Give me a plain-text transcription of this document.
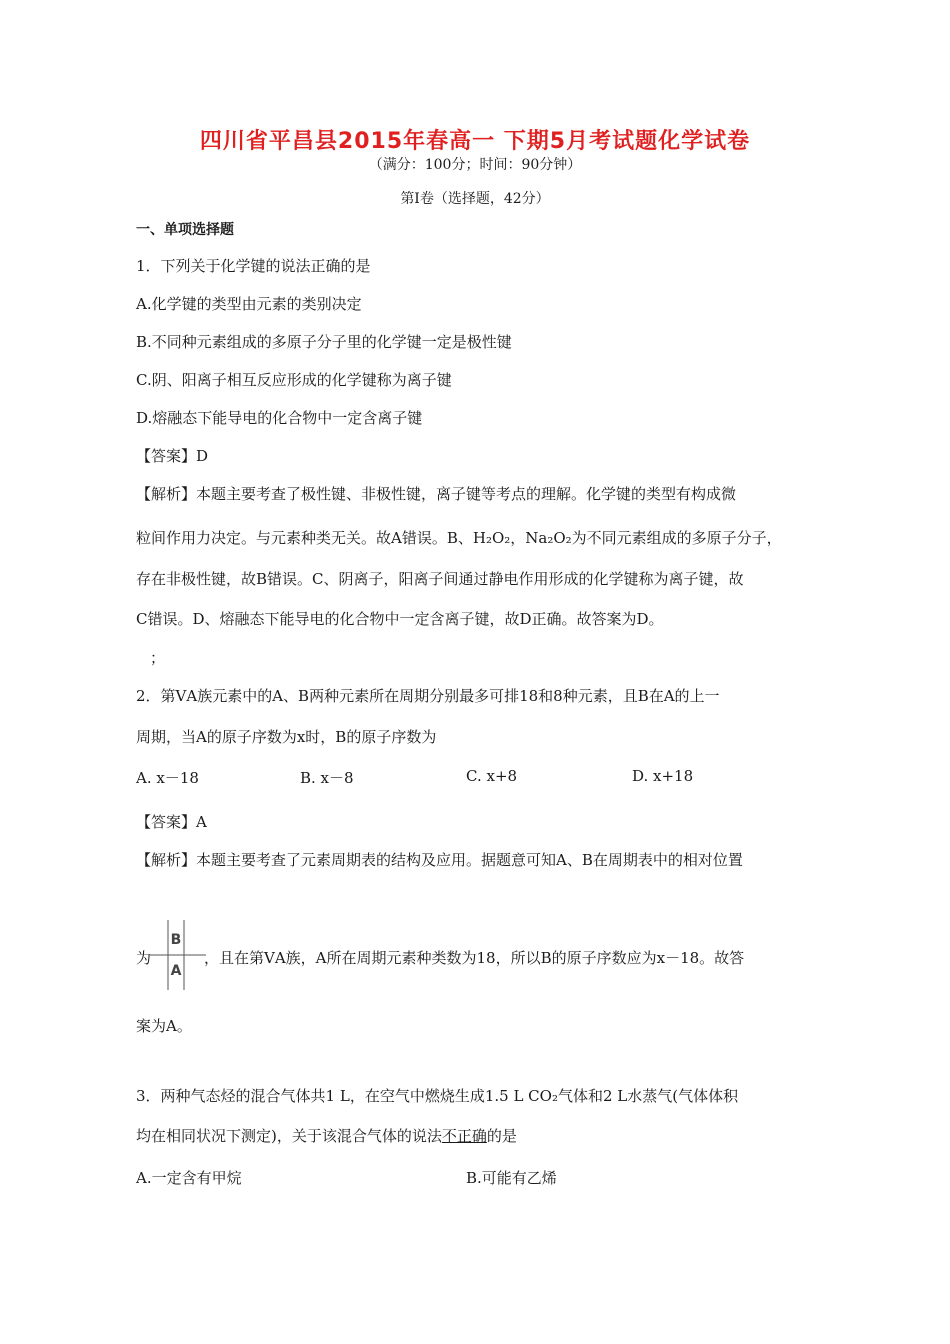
四川省平昌县2015年春高一 下期5月考试题化学试卷
（满分：100分；时间：90分钟）
第Ⅰ卷（选择题，42分）
一、单项选择题
1．下列关于化学键的说法正确的是
A.化学键的类型由元素的类别决定
B.不同种元素组成的多原子分子里的化学键一定是极性键
C.阴、阳离子相互反应形成的化学键称为离子键
D.熔融态下能导电的化合物中一定含离子键
【答案】D
【解析】本题主要考查了极性键、非极性键，离子键等考点的理解。化学键的类型有构成微
粒间作用力决定。与元素种类无关。故A错误。B、H₂O₂，Na₂O₂为不同元素组成的多原子分子，
存在非极性键，故B错误。C、阴离子，阳离子间通过静电作用形成的化学键称为离子键，故
C错误。D、熔融态下能导电的化合物中一定含离子键，故D正确。故答案为D。
；
2．第ⅤA族元素中的A、B两种元素所在周期分别最多可排18和8种元素，且B在A的上一
周期，当A的原子序数为x时，B的原子序数为
A. x－18	B. x－8	C. x+8	D. x+18
【答案】A
【解析】本题主要考查了元素周期表的结构及应用。据题意可知A、B在周期表中的相对位置
为
B
A
，且在第ⅤA族，A所在周期元素种类数为18，所以B的原子序数应为x－18。故答
案为A。
3．两种气态烃的混合气体共1 L，在空气中燃烧生成1.5 L CO₂气体和2 L水蒸气(气体体积
均在相同状况下测定)，关于该混合气体的说法不正确的是
A.一定含有甲烷	B.可能有乙烯
